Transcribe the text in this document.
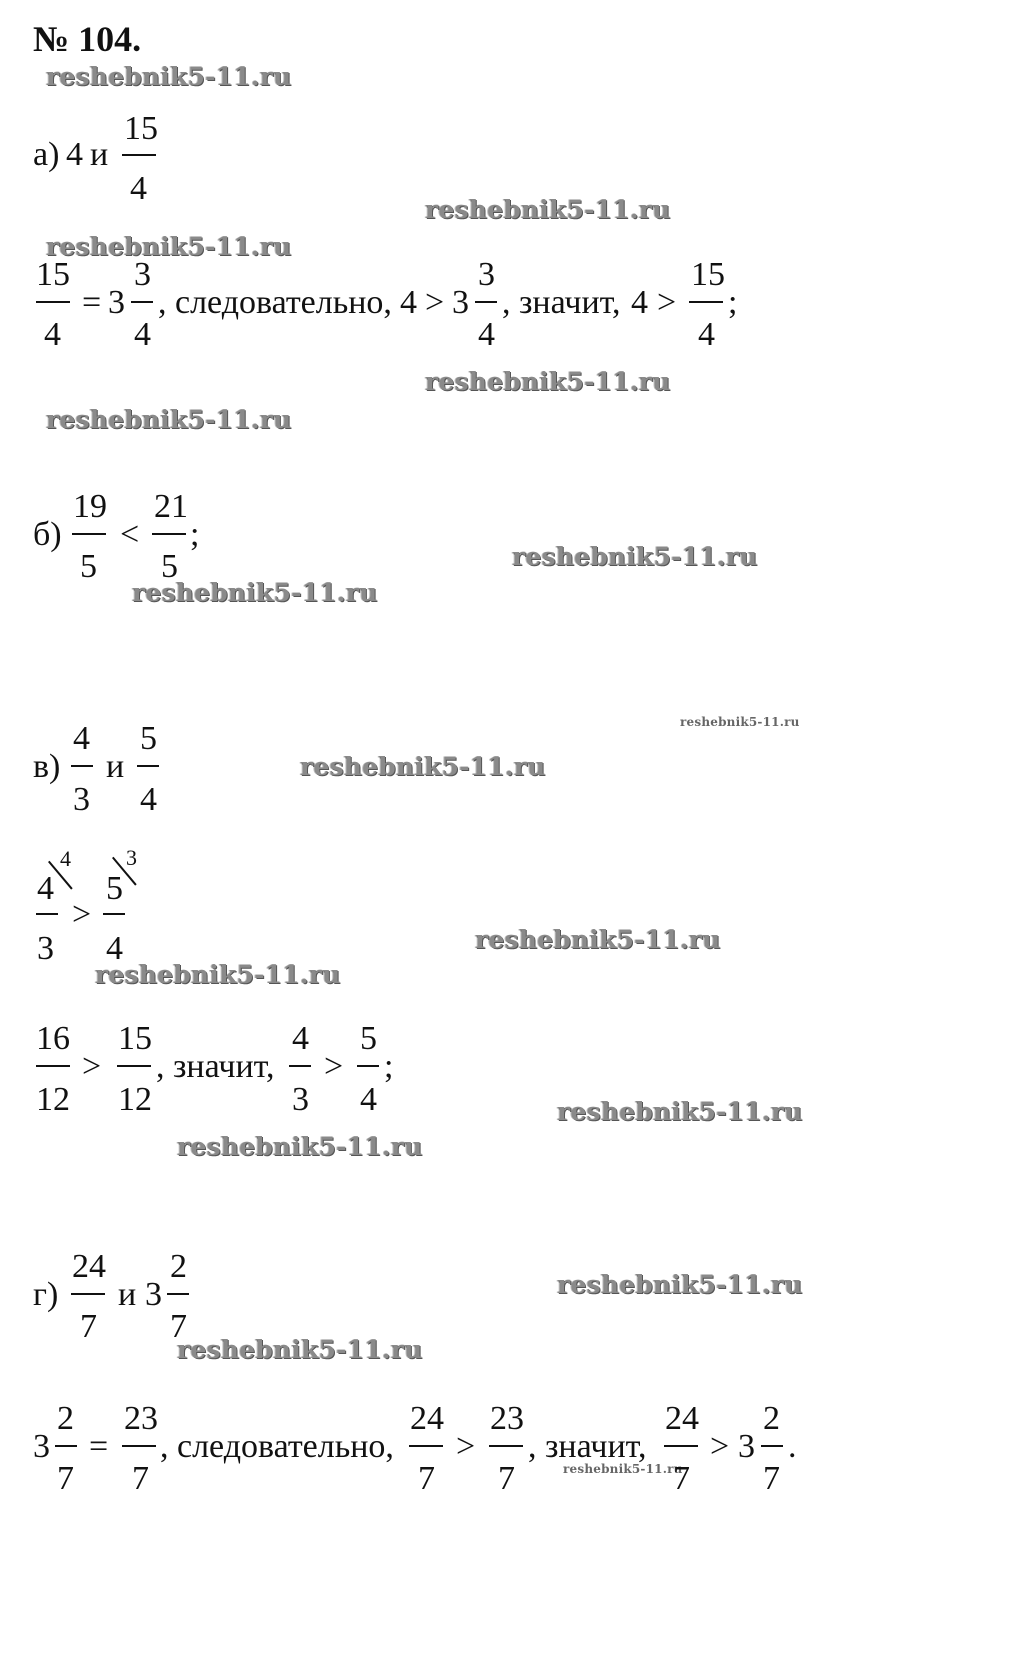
№ 104.
reshebnik5-11.ru
reshebnik5-11.ru
reshebnik5-11.ru
reshebnik5-11.ru
reshebnik5-11.ru
reshebnik5-11.ru
reshebnik5-11.ru
reshebnik5-11.ru
reshebnik5-11.ru
reshebnik5-11.ru
reshebnik5-11.ru
reshebnik5-11.ru
reshebnik5-11.ru
reshebnik5-11.ru
reshebnik5-11.ru
reshebnik5-11.ru
а) 4 и
15
4
15
4
= 3
3
4
, следовательно, 4 > 3
3
4
, значит, 4 >
15
4
;
б)
19
5
<
21
5
;
в)
4
3
и
5
4
4
4
3
>
5
3
4
16
12
>
15
12
, значит,
4
3
>
5
4
;
г)
24
7
и 3
2
7
3
2
7
=
23
7
, следовательно,
24
7
>
23
7
, значит,
24
7
> 3
2
7
.
